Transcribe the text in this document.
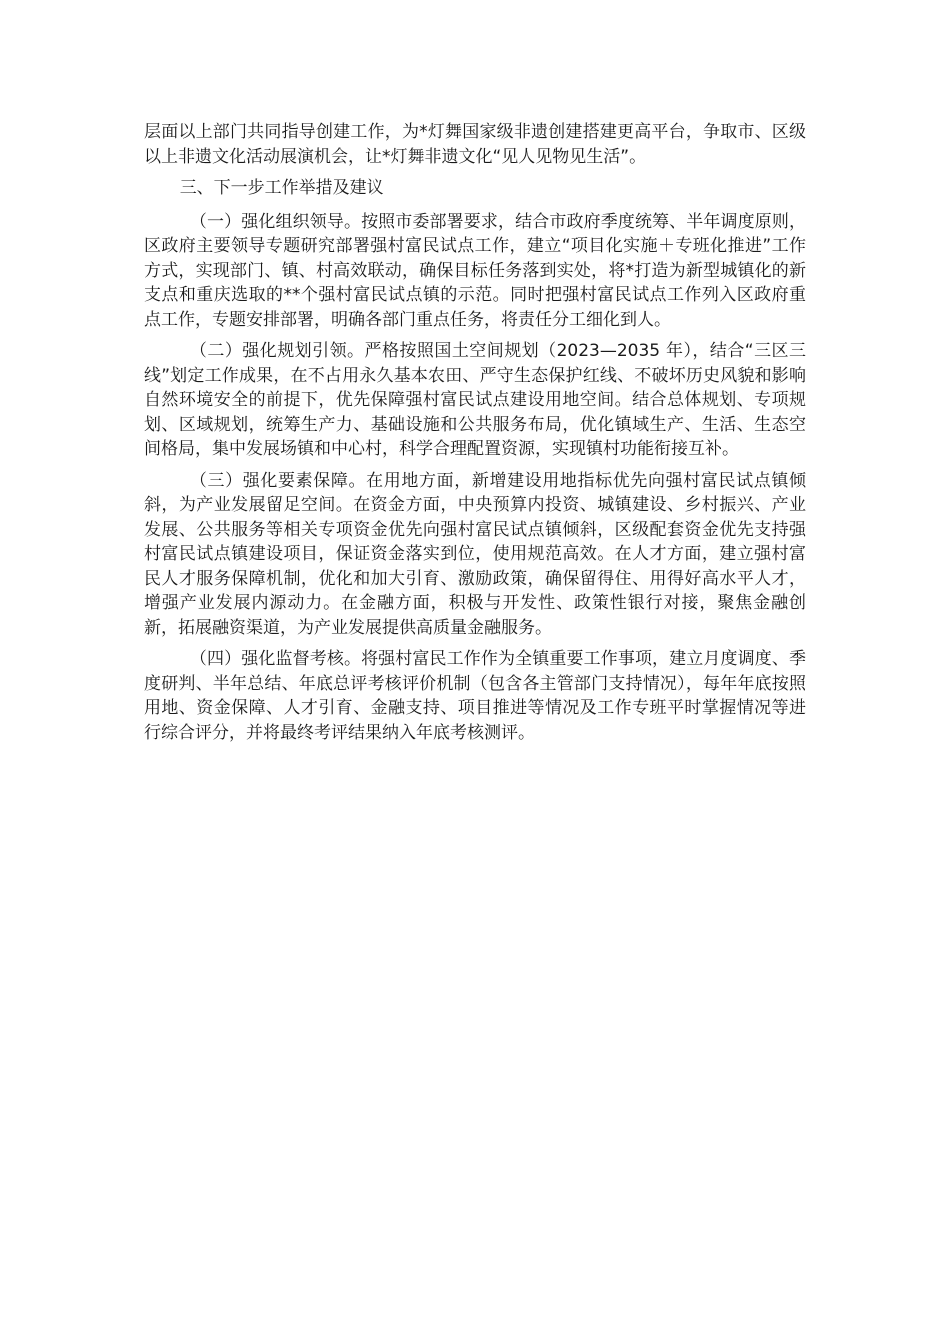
层面以上部门共同指导创建工作，为*灯舞国家级非遗创建搭建更高平台，争取市、区级以上非遗文化活动展演机会，让*灯舞非遗文化“见人见物见生活”。

三、下一步工作举措及建议

（一）强化组织领导。按照市委部署要求，结合市政府季度统筹、半年调度原则，区政府主要领导专题研究部署强村富民试点工作，建立“项目化实施＋专班化推进”工作方式，实现部门、镇、村高效联动，确保目标任务落到实处，将*打造为新型城镇化的新支点和重庆选取的**个强村富民试点镇的示范。同时把强村富民试点工作列入区政府重点工作，专题安排部署，明确各部门重点任务，将责任分工细化到人。

（二）强化规划引领。严格按照国土空间规划（2023—2035 年），结合“三区三线”划定工作成果，在不占用永久基本农田、严守生态保护红线、不破坏历史风貌和影响自然环境安全的前提下，优先保障强村富民试点建设用地空间。结合总体规划、专项规划、区域规划，统筹生产力、基础设施和公共服务布局，优化镇域生产、生活、生态空间格局，集中发展场镇和中心村，科学合理配置资源，实现镇村功能衔接互补。

（三）强化要素保障。在用地方面，新增建设用地指标优先向强村富民试点镇倾斜，为产业发展留足空间。在资金方面，中央预算内投资、城镇建设、乡村振兴、产业发展、公共服务等相关专项资金优先向强村富民试点镇倾斜，区级配套资金优先支持强村富民试点镇建设项目，保证资金落实到位，使用规范高效。在人才方面，建立强村富民人才服务保障机制，优化和加大引育、激励政策，确保留得住、用得好高水平人才，增强产业发展内源动力。在金融方面，积极与开发性、政策性银行对接，聚焦金融创新，拓展融资渠道，为产业发展提供高质量金融服务。

（四）强化监督考核。将强村富民工作作为全镇重要工作事项，建立月度调度、季度研判、半年总结、年底总评考核评价机制（包含各主管部门支持情况），每年年底按照用地、资金保障、人才引育、金融支持、项目推进等情况及工作专班平时掌握情况等进行综合评分，并将最终考评结果纳入年底考核测评。
